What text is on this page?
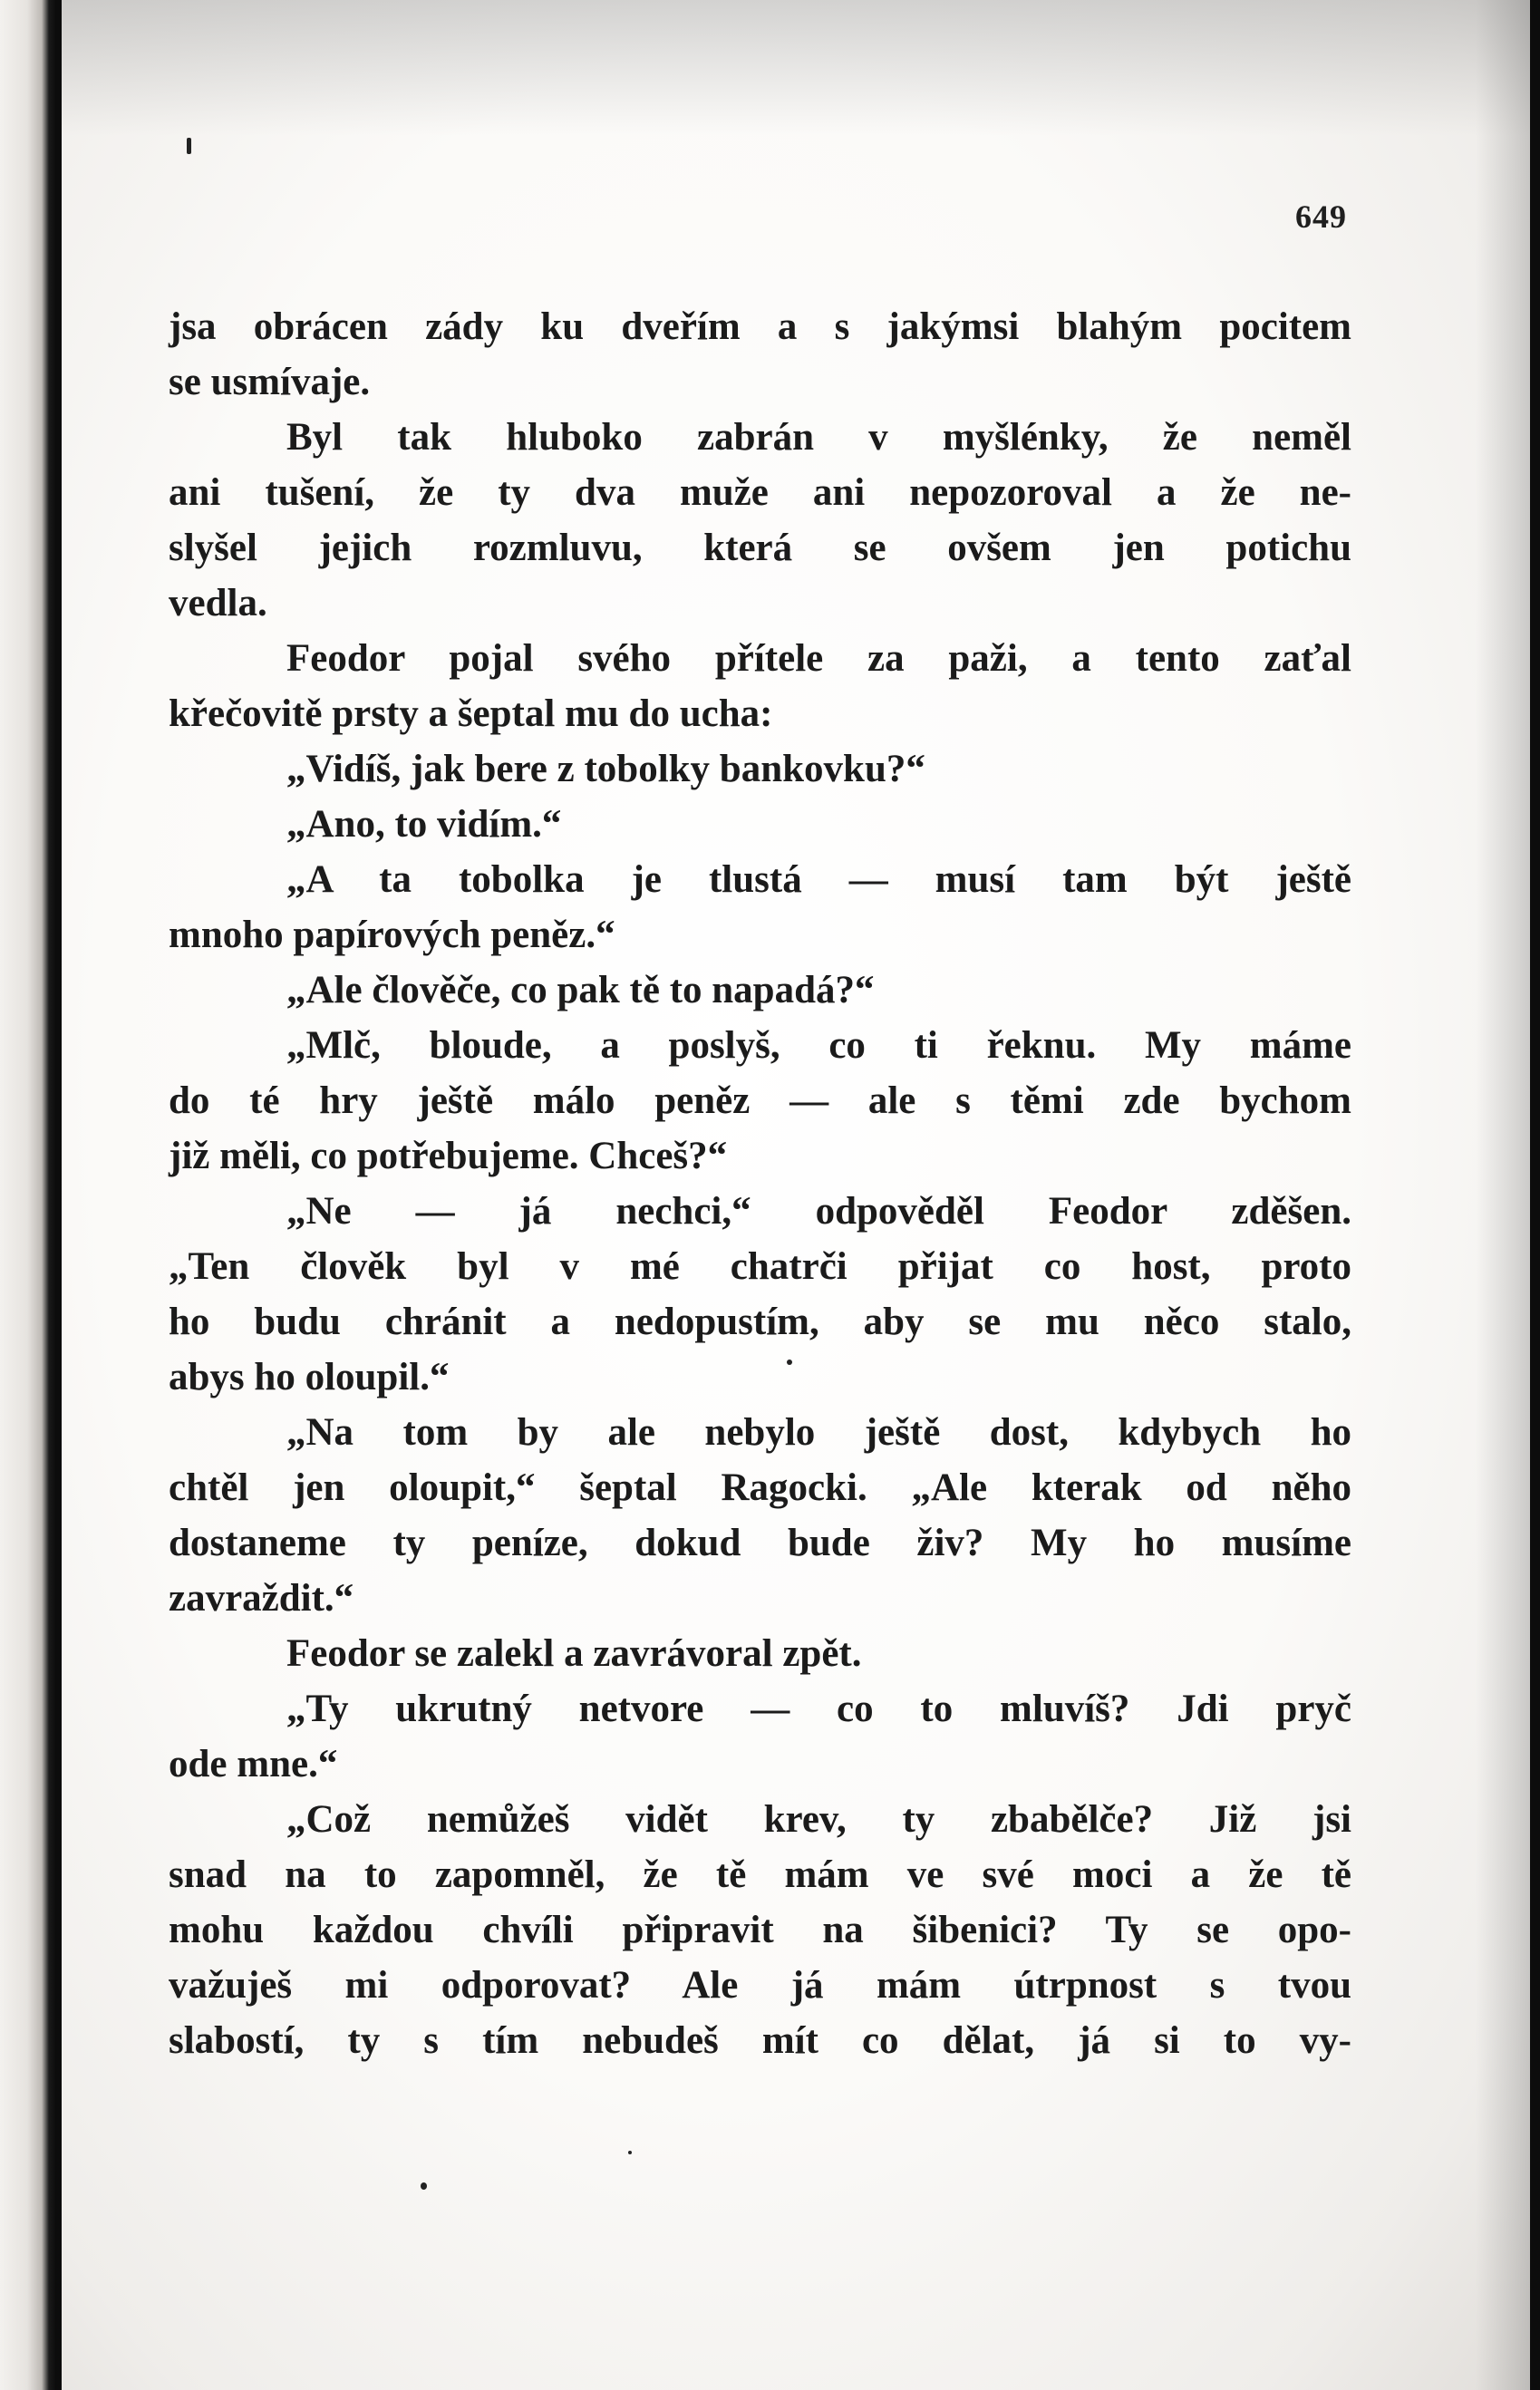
649
jsa obrácen zády ku dveřím a s jakýmsi blahým pocitem
se usmívaje.
Byl tak hluboko zabrán v myšlénky, že neměl
ani tušení, že ty dva muže ani nepozoroval a že ne-
slyšel jejich rozmluvu, která se ovšem jen potichu
vedla.
Feodor pojal svého přítele za paži, a tento zaťal
křečovitě prsty a šeptal mu do ucha:
„Vidíš, jak bere z tobolky bankovku?“
„Ano, to vidím.“
„A ta tobolka je tlustá — musí tam být ještě
mnoho papírových peněz.“
„Ale člověče, co pak tě to napadá?“
„Mlč, bloude, a poslyš, co ti řeknu. My máme
do té hry ještě málo peněz — ale s těmi zde bychom
již měli, co potřebujeme. Chceš?“
„Ne — já nechci,“ odpověděl Feodor zděšen.
„Ten člověk byl v mé chatrči přijat co host, proto
ho budu chránit a nedopustím, aby se mu něco stalo,
abys ho oloupil.“
„Na tom by ale nebylo ještě dost, kdybych ho
chtěl jen oloupit,“ šeptal Ragocki. „Ale kterak od něho
dostaneme ty peníze, dokud bude živ? My ho musíme
zavraždit.“
Feodor se zalekl a zavrávoral zpět.
„Ty ukrutný netvore — co to mluvíš? Jdi pryč
ode mne.“
„Což nemůžeš vidět krev, ty zbabělče? Již jsi
snad na to zapomněl, že tě mám ve své moci a že tě
mohu každou chvíli připravit na šibenici? Ty se opo-
važuješ mi odporovat? Ale já mám útrpnost s tvou
slabostí, ty s tím nebudeš mít co dělat, já si to vy-
